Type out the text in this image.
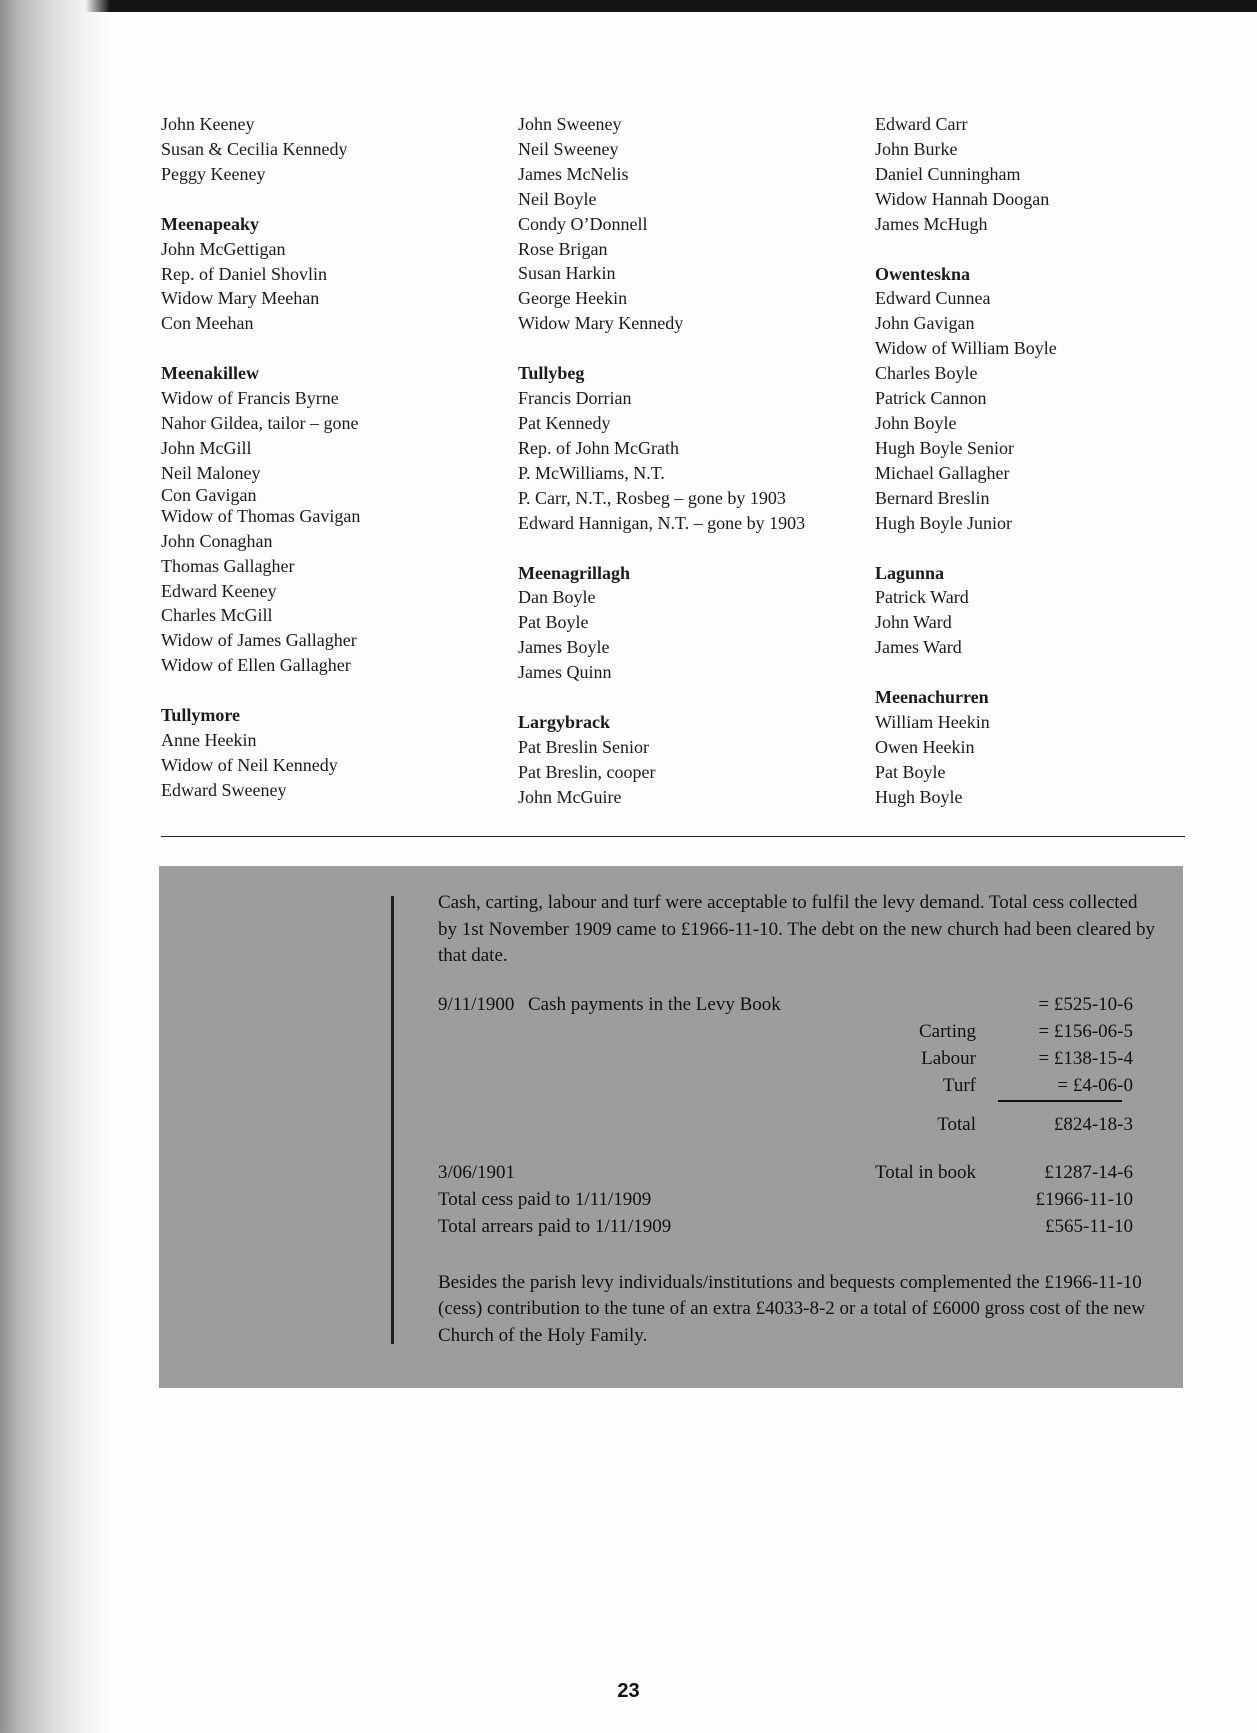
John Keeney
Susan & Cecilia Kennedy
Peggy Keeney
Meenapeaky
John McGettigan
Rep. of Daniel Shovlin
Widow Mary Meehan
Con Meehan
Meenakillew
Widow of Francis Byrne
Nahor Gildea, tailor – gone
John McGill
Neil Maloney
Con Gavigan
Widow of Thomas Gavigan
John Conaghan
Thomas Gallagher
Edward Keeney
Charles McGill
Widow of James Gallagher
Widow of Ellen Gallagher
Tullymore
Anne Heekin
Widow of Neil Kennedy
Edward Sweeney
John Sweeney
Neil Sweeney
James McNelis
Neil Boyle
Condy O’Donnell
Rose Brigan
Susan Harkin
George Heekin
Widow Mary Kennedy
Tullybeg
Francis Dorrian
Pat Kennedy
Rep. of John McGrath
P. McWilliams, N.T.
P. Carr, N.T., Rosbeg – gone by 1903
Edward Hannigan, N.T. – gone by 1903
Meenagrillagh
Dan Boyle
Pat Boyle
James Boyle
James Quinn
Largybrack
Pat Breslin Senior
Pat Breslin, cooper
John McGuire
Edward Carr
John Burke
Daniel Cunningham
Widow Hannah Doogan
James McHugh
Owenteskna
Edward Cunnea
John Gavigan
Widow of William Boyle
Charles Boyle
Patrick Cannon
John Boyle
Hugh Boyle Senior
Michael Gallagher
Bernard Breslin
Hugh Boyle Junior
Lagunna
Patrick Ward
John Ward
James Ward
Meenachurren
William Heekin
Owen Heekin
Pat Boyle
Hugh Boyle
Cash, carting, labour and turf were acceptable to fulfil the levy demand. Total cess collected by 1st November 1909 came to £1966-11-10. The debt on the new church had been cleared by that date.
9/11/1900 Cash payments in the Levy Book	= £525-10-6
Carting	= £156-06-5
Labour	= £138-15-4
Turf	= £4-06-0
Total	£824-18-3
3/06/1901	Total in book	£1287-14-6
Total cess paid to 1/11/1909	£1966-11-10
Total arrears paid to 1/11/1909	£565-11-10
Besides the parish levy individuals/institutions and bequests complemented the £1966-11-10 (cess) contribution to the tune of an extra £4033-8-2 or a total of £6000 gross cost of the new Church of the Holy Family.
23
